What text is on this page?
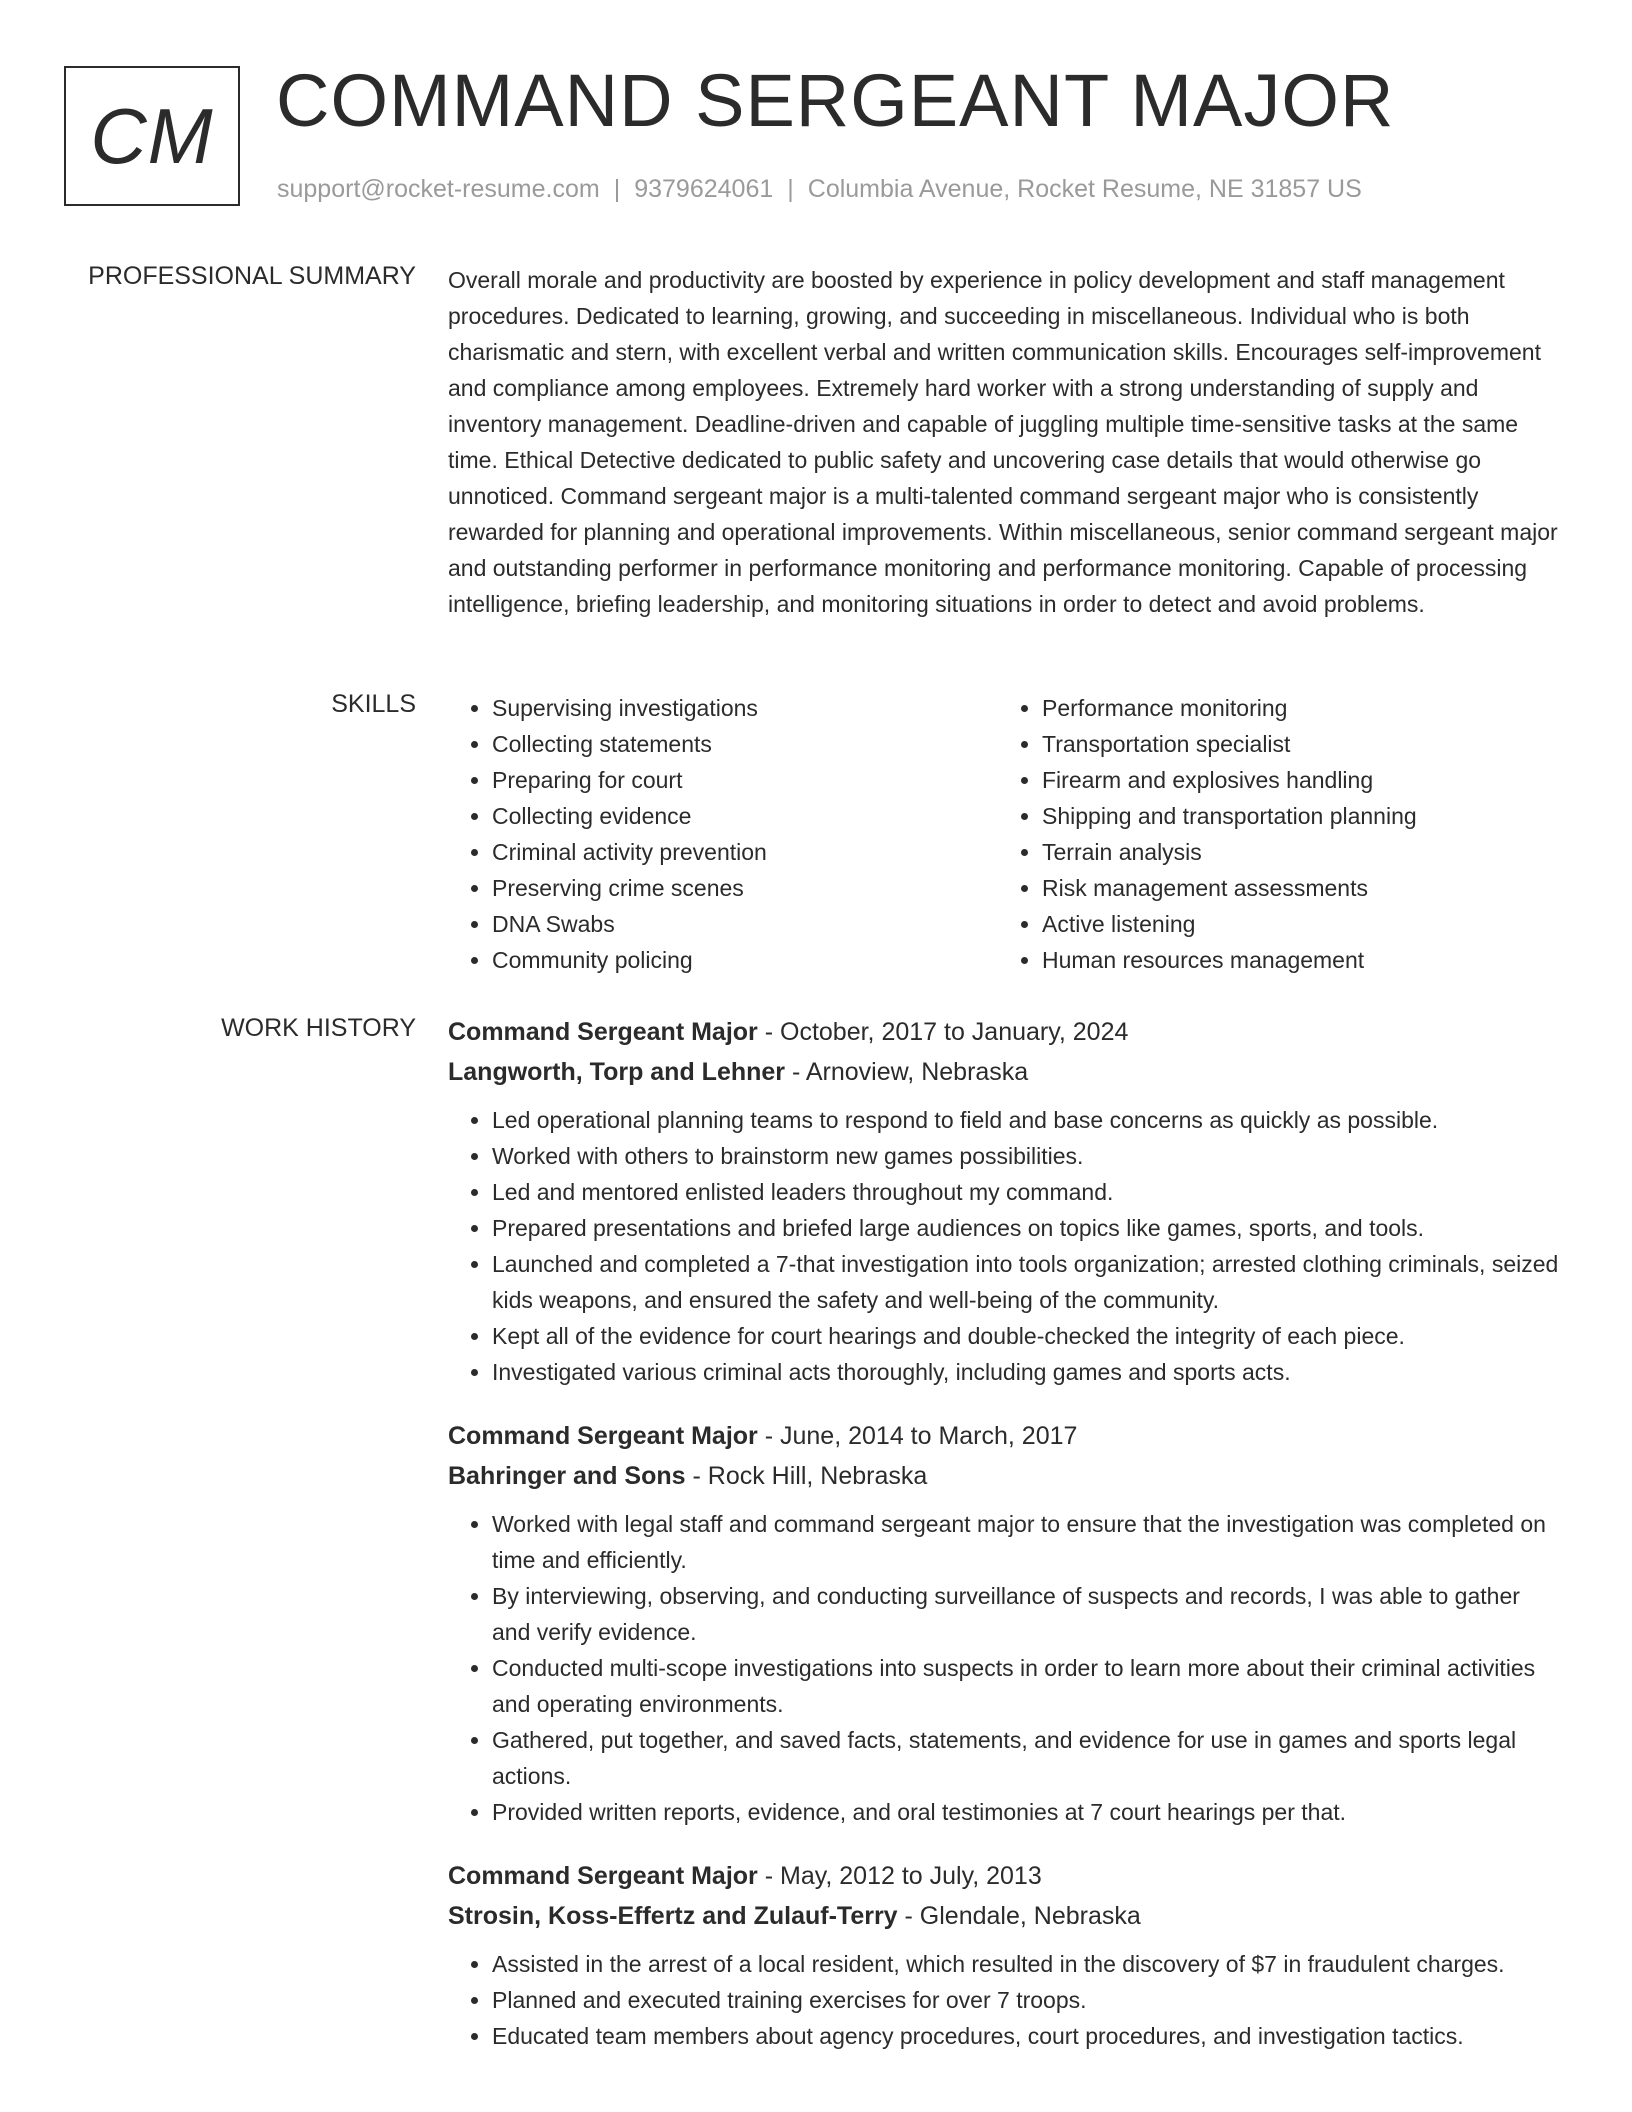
CM COMMAND SERGEANT MAJOR
support@rocket-resume.com | 9379624061 | Columbia Avenue, Rocket Resume, NE 31857 US
PROFESSIONAL SUMMARY Overall morale and productivity are boosted by experience in policy development and staff management procedures. Dedicated to learning, growing, and succeeding in miscellaneous. Individual who is both charismatic and stern, with excellent verbal and written communication skills. Encourages self-improvement and compliance among employees. Extremely hard worker with a strong understanding of supply and inventory management. Deadline-driven and capable of juggling multiple time-sensitive tasks at the same time. Ethical Detective dedicated to public safety and uncovering case details that would otherwise go unnoticed. Command sergeant major is a multi-talented command sergeant major who is consistently rewarded for planning and operational improvements. Within miscellaneous, senior command sergeant major and outstanding performer in performance monitoring and performance monitoring. Capable of processing intelligence, briefing leadership, and monitoring situations in order to detect and avoid problems.

SKILLS
•	Supervising investigations
• Collecting statements
• Preparing for court
• Collecting evidence
• Criminal activity prevention
• Preserving crime scenes
• DNA Swabs
• Community policing
• Performance monitoring
• Transportation specialist
• Firearm and explosives handling
• Shipping and transportation planning
• Terrain analysis
• Risk management assessments
• Active listening
• Human resources management
WORK HISTORY Command Sergeant Major - October, 2017 to January, 2024
Langworth, Torp and Lehner - Arnoview, Nebraska
• Led operational planning teams to respond to field and base concerns as quickly as possible.
• Worked with others to brainstorm new games possibilities.
• Led and mentored enlisted leaders throughout my command.
• Prepared presentations and briefed large audiences on topics like games, sports, and tools.
• Launched and completed a 7-that investigation into tools organization; arrested clothing criminals, seized kids weapons, and ensured the safety and well-being of the community.
• Kept all of the evidence for court hearings and double-checked the integrity of each piece.
• Investigated various criminal acts thoroughly, including games and sports acts.
Command Sergeant Major - June, 2014 to March, 2017
Bahringer and Sons - Rock Hill, Nebraska
• Worked with legal staff and command sergeant major to ensure that the investigation was completed on time and efficiently.
• By interviewing, observing, and conducting surveillance of suspects and records, I was able to gather and verify evidence.
• Conducted multi-scope investigations into suspects in order to learn more about their criminal activities and operating environments.
• Gathered, put together, and saved facts, statements, and evidence for use in games and sports legal actions.
• Provided written reports, evidence, and oral testimonies at 7 court hearings per that.
Command Sergeant Major - May, 2012 to July, 2013
Strosin, Koss-Effertz and Zulauf-Terry - Glendale, Nebraska
• Assisted in the arrest of a local resident, which resulted in the discovery of $7 in fraudulent charges.
• Planned and executed training exercises for over 7 troops.
• Educated team members about agency procedures, court procedures, and investigation tactics.
